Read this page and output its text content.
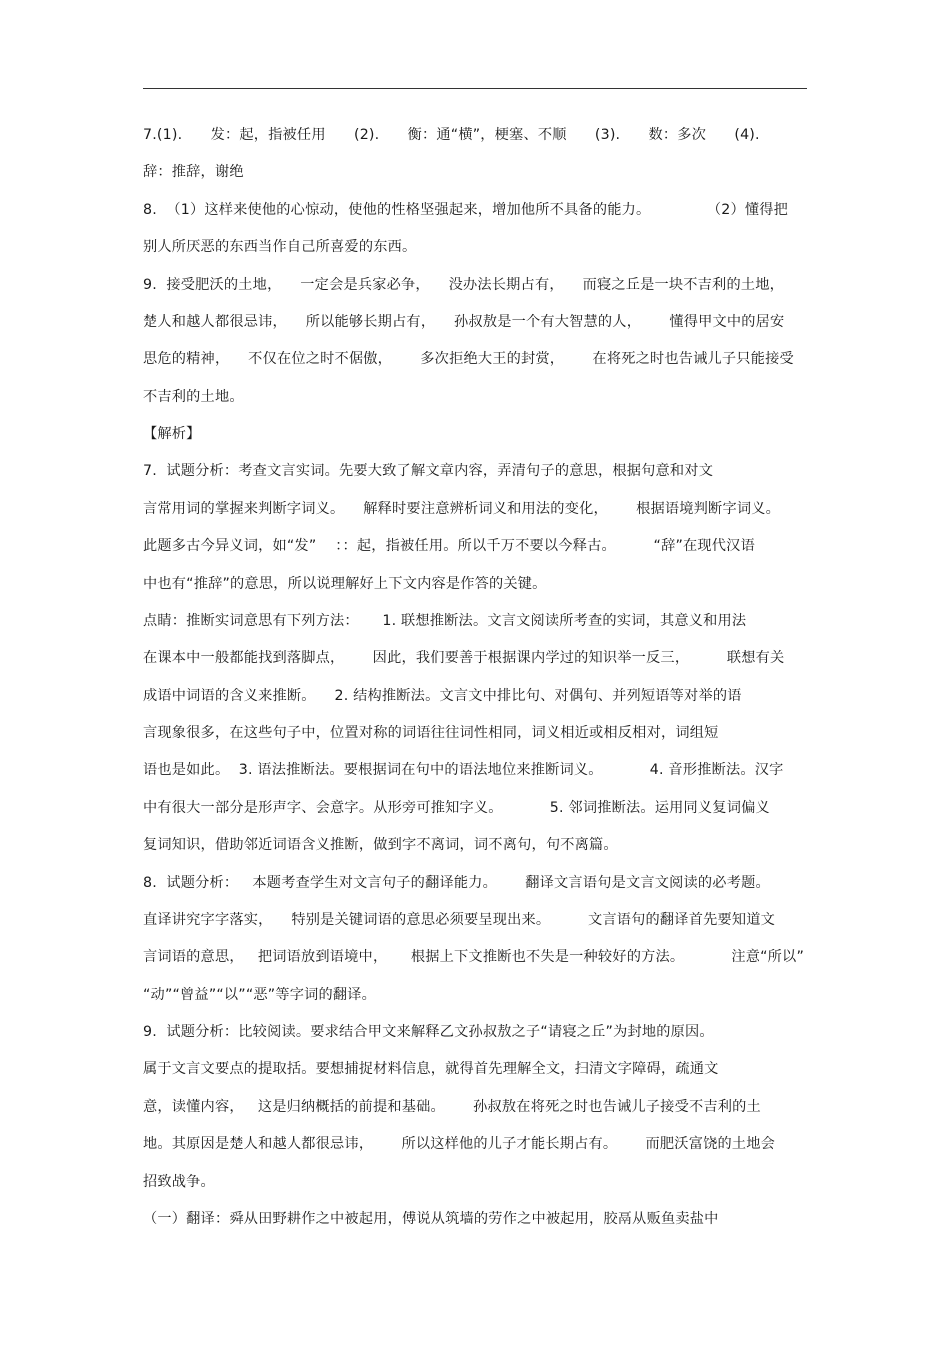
7.(1).      发：起，指被任用      (2).      衡：通“横”，梗塞、不顺      (3).      数：多次      (4).
辞：推辞，谢绝
8.  （1）这样来使他的心惊动，使他的性格坚强起来，增加他所不具备的能力。            （2）懂得把
别人所厌恶的东西当作自己所喜爱的东西。
9.  接受肥沃的土地，    一定会是兵家必争，    没办法长期占有，    而寝之丘是一块不吉利的土地，
楚人和越人都很忌讳，    所以能够长期占有，    孙叔敖是一个有大智慧的人，      懂得甲文中的居安
思危的精神，    不仅在位之时不倨傲，      多次拒绝大王的封赏，      在将死之时也告诫儿子只能接受
不吉利的土地。
【解析】
7.  试题分析：考查文言实词。先要大致了解文章内容，弄清句子的意思，根据句意和对文
言常用词的掌握来判断字词义。    解释时要注意辨析词义和用法的变化，      根据语境判断字词义。
此题多古今异义词，如“发”    ：：起，指被任用。所以千万不要以今释古。        “辞”在现代汉语
中也有“推辞”的意思，所以说理解好上下文内容是作答的关键。
点睛：推断实词意思有下列方法：     1. 联想推断法。文言文阅读所考查的实词，其意义和用法
在课本中一般都能找到落脚点，      因此，我们要善于根据课内学过的知识举一反三，        联想有关
成语中词语的含义来推断。    2. 结构推断法。文言文中排比句、对偶句、并列短语等对举的语
言现象很多，在这些句子中，位置对称的词语往往词性相同，词义相近或相反相对，词组短
语也是如此。  3. 语法推断法。要根据词在句中的语法地位来推断词义。          4. 音形推断法。汉字
中有很大一部分是形声字、会意字。从形旁可推知字义。          5. 邻词推断法。运用同义复词偏义
复词知识，借助邻近词语含义推断，做到字不离词，词不离句，句不离篇。
8.  试题分析：   本题考查学生对文言句子的翻译能力。      翻译文言语句是文言文阅读的必考题。
直译讲究字字落实，    特别是关键词语的意思必须要呈现出来。        文言语句的翻译首先要知道文
言词语的意思，   把词语放到语境中，     根据上下文推断也不失是一种较好的方法。          注意“所以”
“动”“曾益”“以”“恶”等字词的翻译。
9.  试题分析：比较阅读。要求结合甲文来解释乙文孙叔敖之子“请寝之丘”为封地的原因。
属于文言文要点的提取括。要想捕捉材料信息，就得首先理解全文，扫清文字障碍，疏通文
意，读懂内容，   这是归纳概括的前提和基础。      孙叔敖在将死之时也告诫儿子接受不吉利的土
地。其原因是楚人和越人都很忌讳，      所以这样他的儿子才能长期占有。      而肥沃富饶的土地会
招致战争。
（一）翻译：舜从田野耕作之中被起用，傅说从筑墙的劳作之中被起用，胶鬲从贩鱼卖盐中
